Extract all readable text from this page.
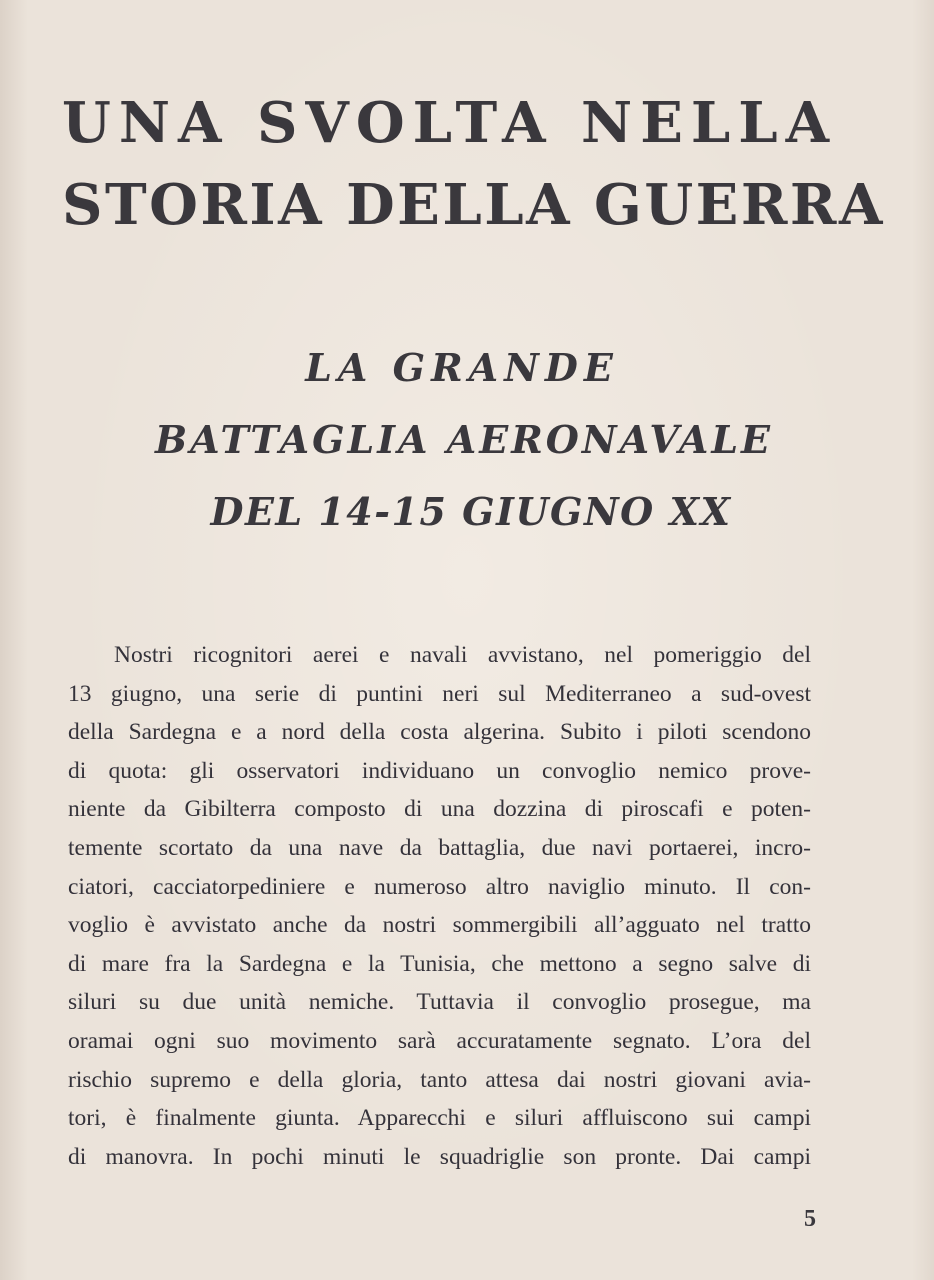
UNA SVOLTA NELLA
STORIA DELLA GUERRA
LA GRANDE
BATTAGLIA AERONAVALE
DEL 14-15 GIUGNO XX
Nostri ricognitori aerei e navali avvistano, nel pomeriggio del
13 giugno, una serie di puntini neri sul Mediterraneo a sud-ovest
della Sardegna e a nord della costa algerina. Subito i piloti scendono
di quota: gli osservatori individuano un convoglio nemico prove-
niente da Gibilterra composto di una dozzina di piroscafi e poten-
temente scortato da una nave da battaglia, due navi portaerei, incro-
ciatori, cacciatorpediniere e numeroso altro naviglio minuto. Il con-
voglio è avvistato anche da nostri sommergibili all’agguato nel tratto
di mare fra la Sardegna e la Tunisia, che mettono a segno salve di
siluri su due unità nemiche. Tuttavia il convoglio prosegue, ma
oramai ogni suo movimento sarà accuratamente segnato. L’ora del
rischio supremo e della gloria, tanto attesa dai nostri giovani avia-
tori, è finalmente giunta. Apparecchi e siluri affluiscono sui campi
di manovra. In pochi minuti le squadriglie son pronte. Dai campi
5
